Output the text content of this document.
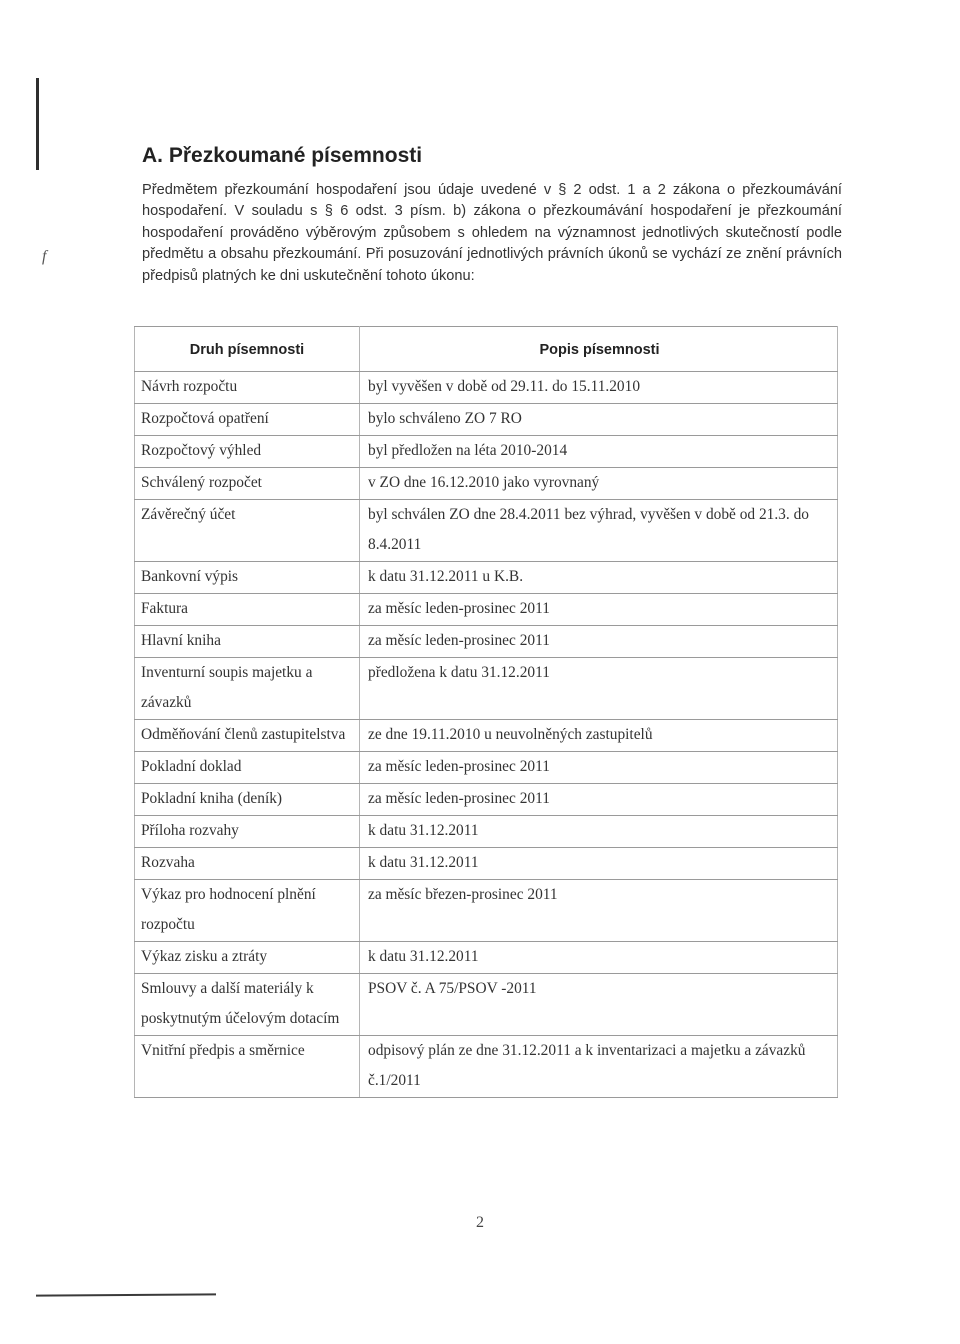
f
A. Přezkoumané písemnosti

Předmětem přezkoumání hospodaření jsou údaje uvedené v § 2 odst. 1 a 2 zákona o přezkoumávání hospodaření. V souladu s § 6 odst. 3 písm. b) zákona o přezkoumávání hospodaření je přezkoumání hospodaření prováděno výběrovým způsobem s ohledem na významnost jednotlivých skutečností podle předmětu a obsahu přezkoumání. Při posuzování jednotlivých právních úkonů se vychází ze znění právních předpisů platných ke dni uskutečnění tohoto úkonu:

Druh písemnosti	Popis písemnosti
Návrh rozpočtu	byl vyvěšen v době od 29.11. do 15.11.2010
Rozpočtová opatření	bylo schváleno ZO 7 RO
Rozpočtový výhled	byl předložen na léta 2010-2014
Schválený rozpočet	v ZO dne 16.12.2010 jako vyrovnaný
Závěrečný účet	byl schválen ZO dne 28.4.2011 bez výhrad, vyvěšen v době od 21.3. do 8.4.2011
Bankovní výpis	k datu 31.12.2011 u K.B.
Faktura	za měsíc leden-prosinec 2011
Hlavní kniha	za měsíc leden-prosinec 2011
Inventurní soupis majetku a závazků	předložena k datu 31.12.2011
Odměňování členů zastupitelstva	ze dne 19.11.2010 u neuvolněných zastupitelů
Pokladní doklad	za měsíc leden-prosinec 2011
Pokladní kniha (deník)	za měsíc leden-prosinec 2011
Příloha rozvahy	k datu 31.12.2011
Rozvaha	k datu 31.12.2011
Výkaz pro hodnocení plnění rozpočtu	za měsíc březen-prosinec 2011
Výkaz zisku a ztráty	k datu 31.12.2011
Smlouvy a další materiály k poskytnutým účelovým dotacím	PSOV č. A 75/PSOV -2011
Vnitřní předpis a směrnice	odpisový plán ze dne 31.12.2011 a k inventarizaci a majetku a závazků č.1/2011
2
